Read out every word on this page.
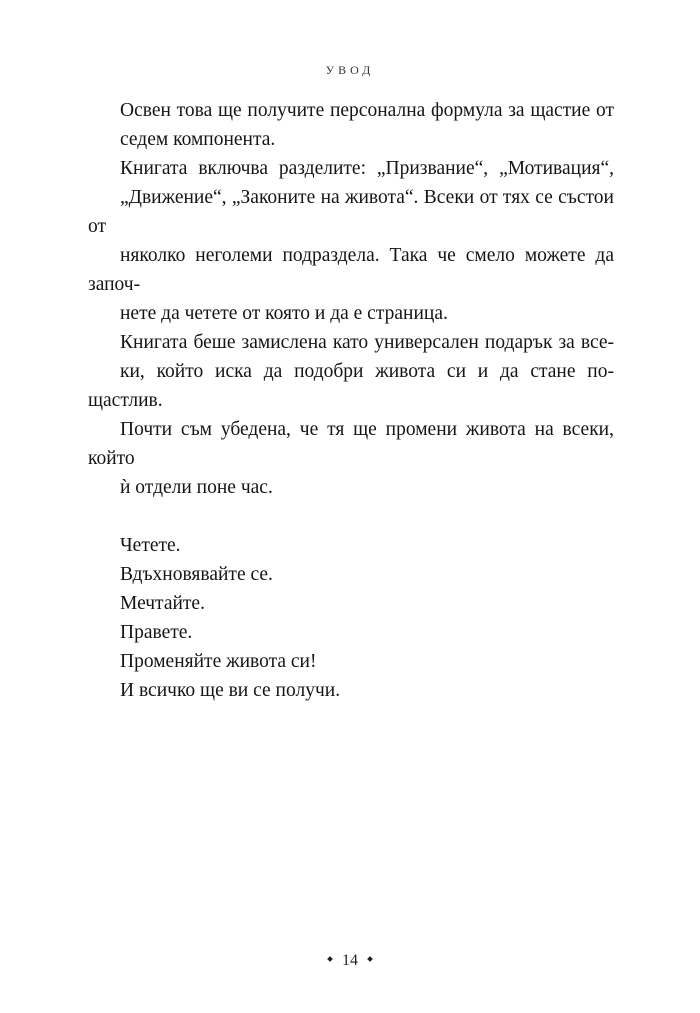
УВОД

Освен това ще получите персонална формула за щастие от
седем компонента.

Книгата включва разделите: „Призвание“, „Мотивация“,
„Движение“, „Законите на живота“. Всеки от тях се състои от
няколко неголеми подраздела. Така че смело можете да започ-
нете да четете от която и да е страница.

Книгата беше замислена като универсален подарък за все-
ки, който иска да подобри живота си и да стане по-щастлив.
Почти съм убедена, че тя ще промени живота на всеки, който
ѝ отдели поне час.

Четете.
Вдъхновявайте се.
Мечтайте.
Правете.
Променяйте живота си!
И всичко ще ви се получи.
14
